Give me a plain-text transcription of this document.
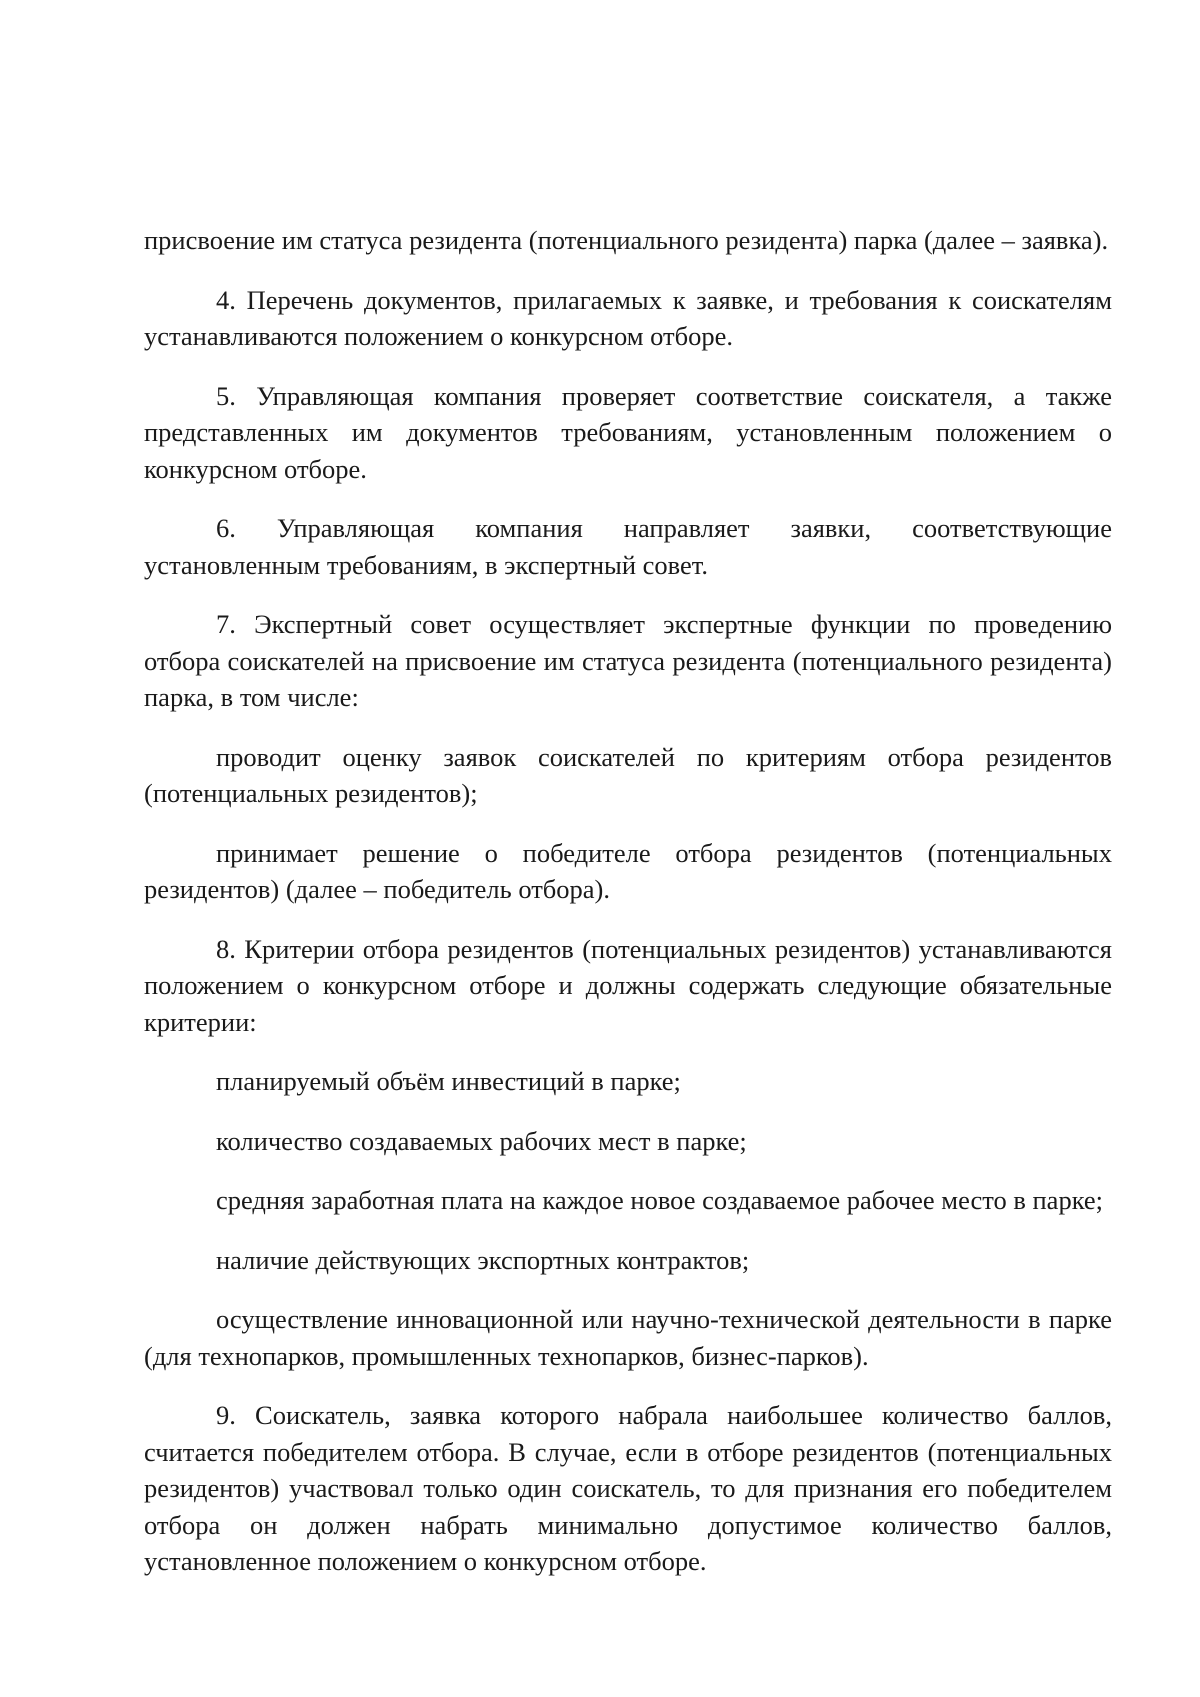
присвоение им статуса резидента (потенциального резидента) парка (далее – заявка).

4. Перечень документов, прилагаемых к заявке, и требования к соискателям устанавливаются положением о конкурсном отборе.

5. Управляющая компания проверяет соответствие соискателя, а также представленных им документов требованиям, установленным положением о конкурсном отборе.

6. Управляющая компания направляет заявки, соответствующие установленным требованиям, в экспертный совет.

7. Экспертный совет осуществляет экспертные функции по проведению отбора соискателей на присвоение им статуса резидента (потенциального резидента) парка, в том числе:

проводит оценку заявок соискателей по критериям отбора резидентов (потенциальных резидентов);

принимает решение о победителе отбора резидентов (потенциальных резидентов) (далее – победитель отбора).

8. Критерии отбора резидентов (потенциальных резидентов) устанавливаются положением о конкурсном отборе и должны содержать следующие обязательные критерии:

планируемый объём инвестиций в парке;

количество создаваемых рабочих мест в парке;

средняя заработная плата на каждое новое создаваемое рабочее место в парке;

наличие действующих экспортных контрактов;

осуществление инновационной или научно-технической деятельности в парке (для технопарков, промышленных технопарков, бизнес-парков).

9. Соискатель, заявка которого набрала наибольшее количество баллов, считается победителем отбора. В случае, если в отборе резидентов (потенциальных резидентов) участвовал только один соискатель, то для признания его победителем отбора он должен набрать минимально допустимое количество баллов, установленное положением о конкурсном отборе.
